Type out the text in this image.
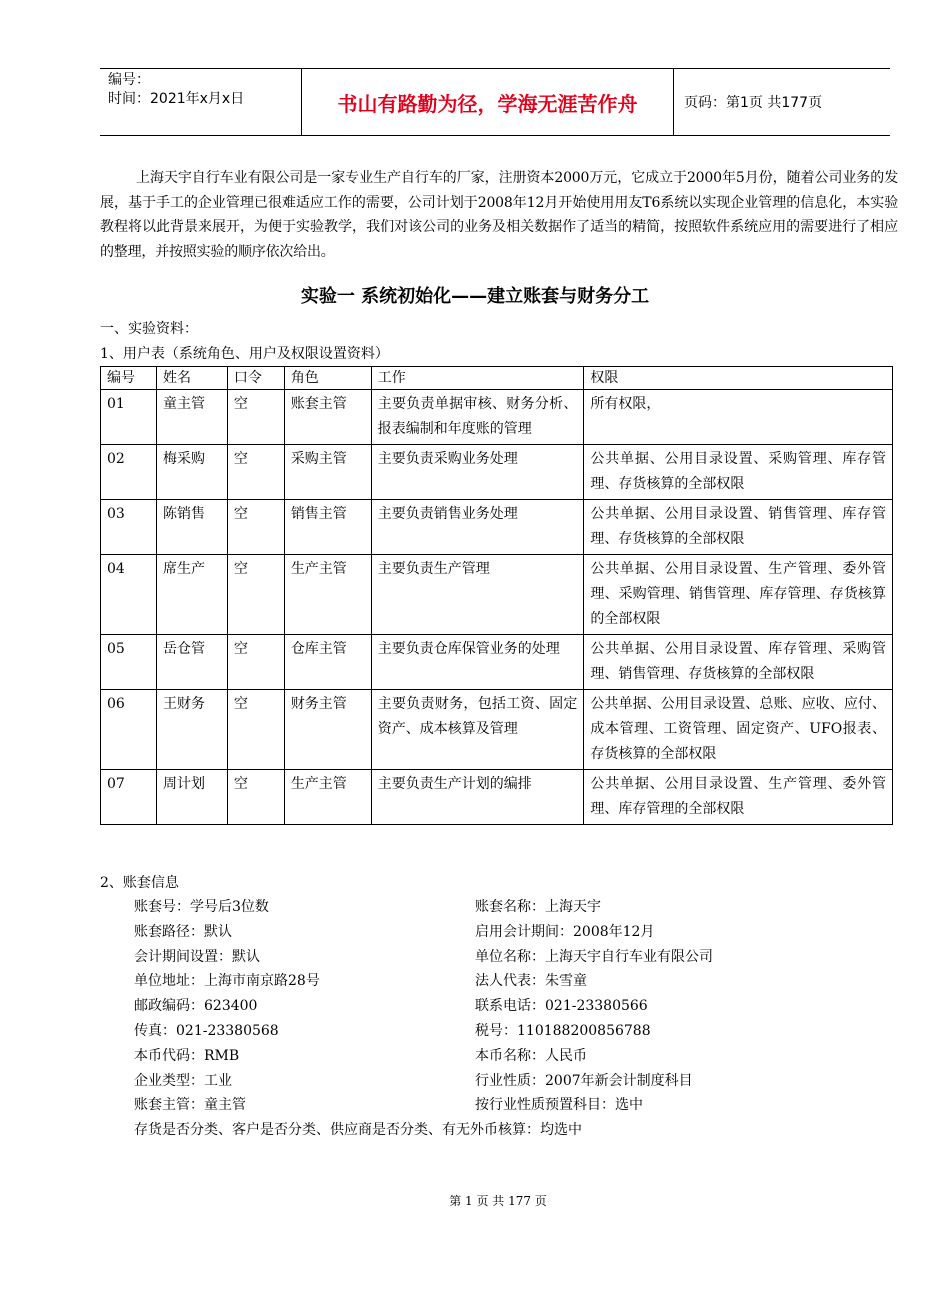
编号：
时间：2021年x月x日	书山有路勤为径，学海无涯苦作舟	页码：第1页 共177页

上海天宇自行车业有限公司是一家专业生产自行车的厂家，注册资本2000万元，它成立于2000年5月份，随着公司业务的发展，基于手工的企业管理已很难适应工作的需要，公司计划于2008年12月开始使用用友T6系统以实现企业管理的信息化，本实验教程将以此背景来展开，为便于实验教学，我们对该公司的业务及相关数据作了适当的精简，按照软件系统应用的需要进行了相应的整理，并按照实验的顺序依次给出。

实验一 系统初始化——建立账套与财务分工
一、实验资料：
1、用户表（系统角色、用户及权限设置资料）
编号	姓名	口令	角色	工作	权限
01	童主管	空	账套主管	主要负责单据审核、财务分析、报表编制和年度账的管理	所有权限，
02	梅采购	空	采购主管	主要负责采购业务处理	公共单据、公用目录设置、采购管理、库存管理、存货核算的全部权限
03	陈销售	空	销售主管	主要负责销售业务处理	公共单据、公用目录设置、销售管理、库存管理、存货核算的全部权限
04	席生产	空	生产主管	主要负责生产管理	公共单据、公用目录设置、生产管理、委外管理、采购管理、销售管理、库存管理、存货核算的全部权限
05	岳仓管	空	仓库主管	主要负责仓库保管业务的处理	公共单据、公用目录设置、库存管理、采购管理、销售管理、存货核算的全部权限
06	王财务	空	财务主管	主要负责财务，包括工资、固定资产、成本核算及管理	公共单据、公用目录设置、总账、应收、应付、成本管理、工资管理、固定资产、UFO报表、存货核算的全部权限
07	周计划	空	生产主管	主要负责生产计划的编排	公共单据、公用目录设置、生产管理、委外管理、库存管理的全部权限
2、账套信息
账套号：学号后3位数	账套名称：上海天宇
账套路径：默认	启用会计期间：2008年12月
会计期间设置：默认	单位名称：上海天宇自行车业有限公司
单位地址：上海市南京路28号	法人代表：朱雪童
邮政编码：623400	联系电话：021-23380566
传真：021-23380568	税号：110188200856788
本币代码：RMB	本币名称：人民币
企业类型：工业	行业性质：2007年新会计制度科目
账套主管：童主管	按行业性质预置科目：选中
存货是否分类、客户是否分类、供应商是否分类、有无外币核算：均选中
第 1 页 共 177 页
